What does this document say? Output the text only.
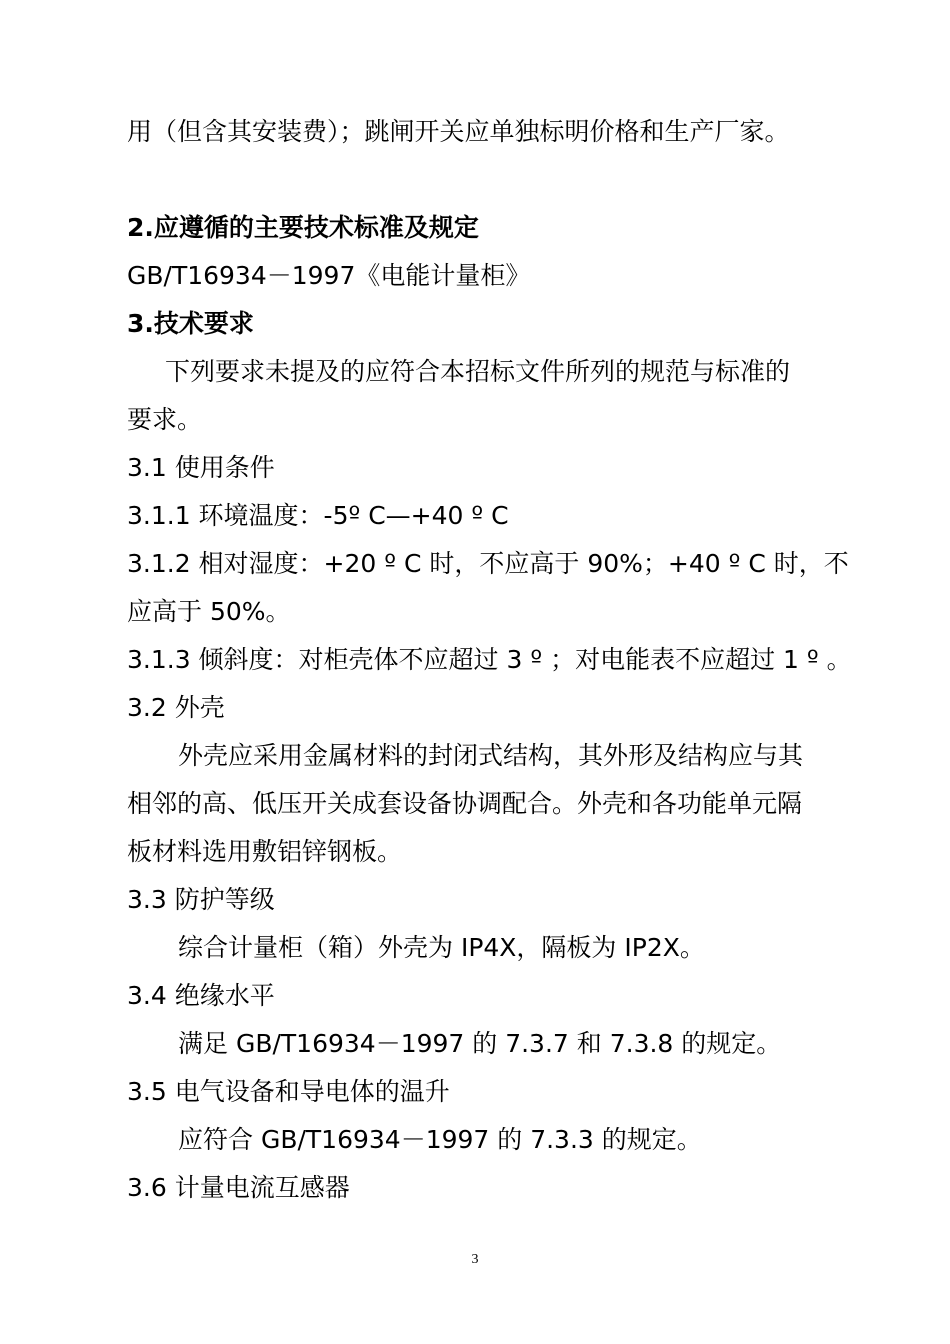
用（但含其安装费）；跳闸开关应单独标明价格和生产厂家。
2.应遵循的主要技术标准及规定
GB/T16934－1997《电能计量柜》
3.技术要求
下列要求未提及的应符合本招标文件所列的规范与标准的
要求。
3.1 使用条件
3.1.1 环境温度：-5º C—+40 º C
3.1.2 相对湿度：+20 º C 时，不应高于 90%；+40 º C 时，不
应高于 50%。
3.1.3 倾斜度：对柜壳体不应超过 3 º ；对电能表不应超过 1 º 。
3.2 外壳
外壳应采用金属材料的封闭式结构，其外形及结构应与其
相邻的高、低压开关成套设备协调配合。外壳和各功能单元隔
板材料选用敷铝锌钢板。
3.3 防护等级
综合计量柜（箱）外壳为 IP4X，隔板为 IP2X。
3.4 绝缘水平
满足 GB/T16934－1997 的 7.3.7 和 7.3.8 的规定。
3.5 电气设备和导电体的温升
应符合 GB/T16934－1997 的 7.3.3 的规定。
3.6 计量电流互感器
3
